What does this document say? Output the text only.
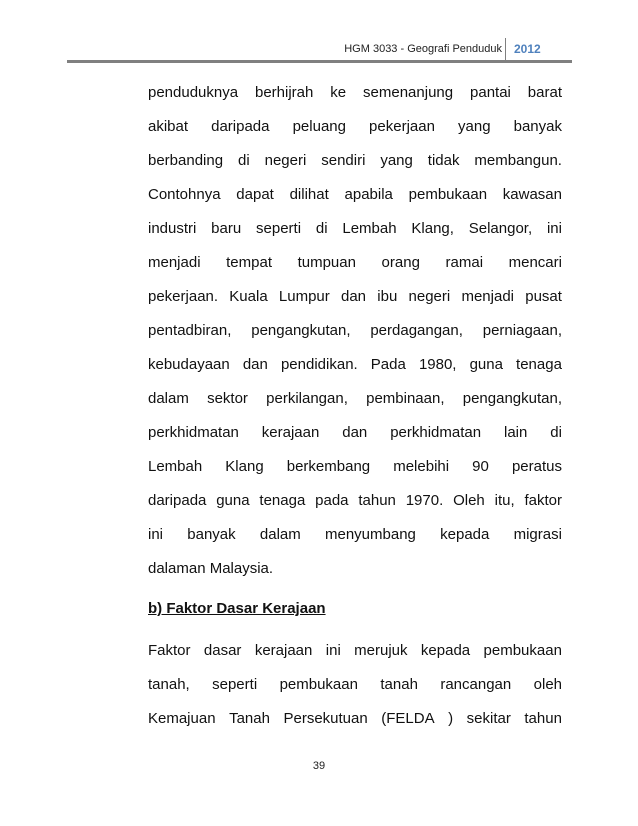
HGM 3033 - Geografi Penduduk 2012
penduduknya berhijrah ke semenanjung pantai barat
akibat daripada peluang pekerjaan yang banyak
berbanding di negeri sendiri yang tidak membangun.
Contohnya dapat dilihat apabila pembukaan kawasan
industri baru seperti di Lembah Klang, Selangor, ini
menjadi tempat tumpuan orang ramai mencari
pekerjaan. Kuala Lumpur dan ibu negeri menjadi pusat
pentadbiran, pengangkutan, perdagangan, perniagaan,
kebudayaan dan pendidikan. Pada 1980, guna tenaga
dalam sektor perkilangan, pembinaan, pengangkutan,
perkhidmatan kerajaan dan perkhidmatan lain di
Lembah Klang berkembang melebihi 90 peratus
daripada guna tenaga pada tahun 1970. Oleh itu, faktor
ini banyak dalam menyumbang kepada migrasi
dalaman Malaysia.
b) Faktor Dasar Kerajaan
Faktor dasar kerajaan ini merujuk kepada pembukaan
tanah, seperti pembukaan tanah rancangan oleh
Kemajuan Tanah Persekutuan (FELDA ) sekitar tahun
39
